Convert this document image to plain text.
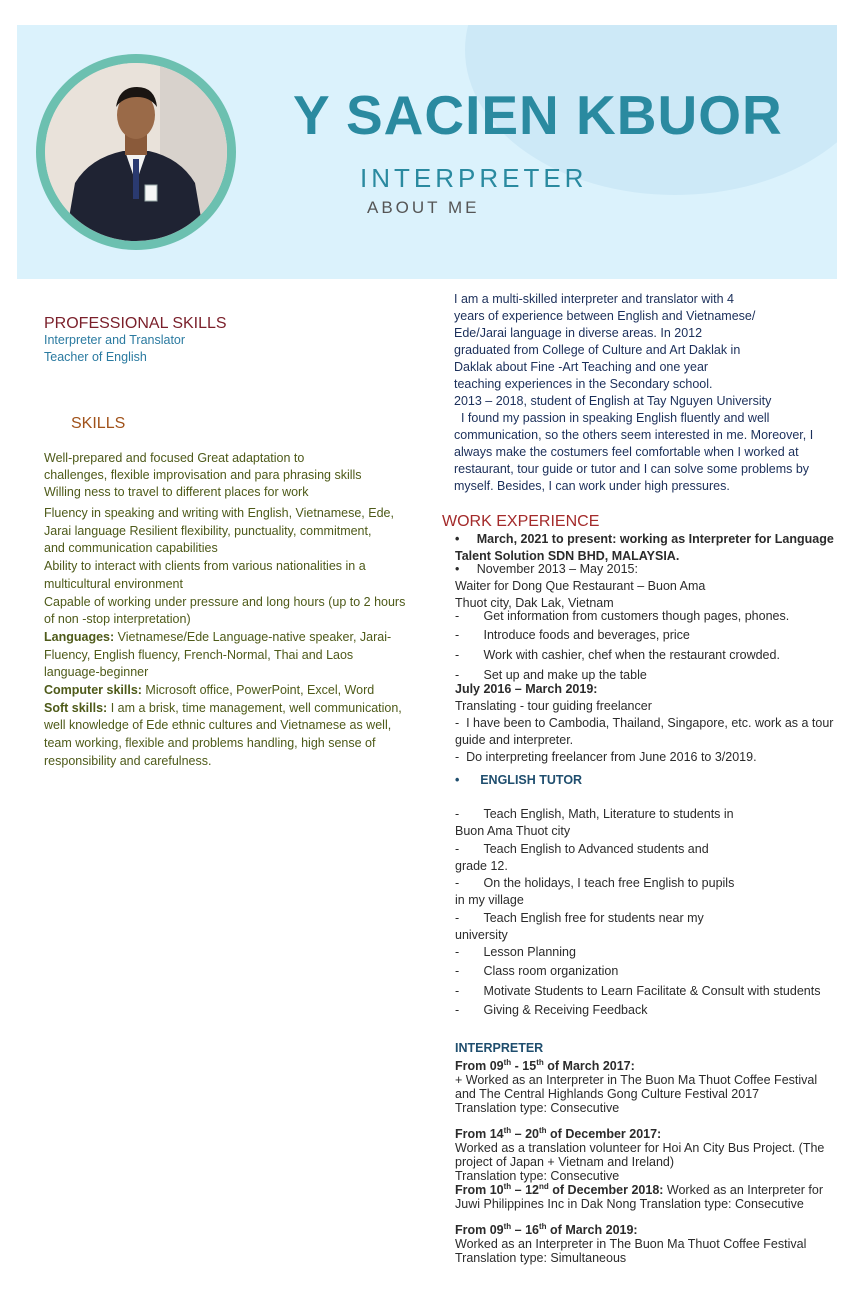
Y SACIEN KBUOR
INTERPRETER
ABOUT ME
I am a multi-skilled interpreter and translator with 4
years of experience between English and Vietnamese/
Ede/Jarai language in diverse areas. In 2012
graduated from College of Culture and Art Daklak in
Daklak about Fine -Art Teaching and one year
teaching experiences in the Secondary school.
2013 – 2018, student of English at Tay Nguyen University
I found my passion in speaking English fluently and well
communication, so the others seem interested in me. Moreover, I
always make the costumers feel comfortable when I worked at
restaurant, tour guide or tutor and I can solve some problems by
myself. Besides, I can work under high pressures.
PROFESSIONAL SKILLS
Interpreter and Translator
Teacher of English
SKILLS
Well-prepared and focused Great adaptation to
challenges, flexible improvisation and para phrasing skills
Willing ness to travel to different places for work
Fluency in speaking and writing with English, Vietnamese, Ede,
Jarai language Resilient flexibility, punctuality, commitment,
and communication capabilities
Ability to interact with clients from various nationalities in a
multicultural environment
Capable of working under pressure and long hours (up to 2 hours
of non -stop interpretation)
Languages: Vietnamese/Ede Language-native speaker, Jarai-
Fluency, English fluency, French-Normal, Thai and Laos
language-beginner
Computer skills: Microsoft office, PowerPoint, Excel, Word
Soft skills: I am a brisk, time management, well communication,
well knowledge of Ede ethnic cultures and Vietnamese as well,
team working, flexible and problems handling, high sense of
responsibility and carefulness.
WORK EXPERIENCE
•     March, 2021 to present: working as Interpreter for Language
Talent Solution SDN BHD, MALAYSIA.
•     November 2013 – May 2015:
Waiter for Dong Que Restaurant – Buon Ama
Thuot city, Dak Lak, Vietnam
-       Get information from customers though pages, phones.
-       Introduce foods and beverages, price
-       Work with cashier, chef when the restaurant crowded.
-       Set up and make up the table
July 2016 – March 2019:
Translating - tour guiding freelancer
-  I have been to Cambodia, Thailand, Singapore, etc. work as a tour
guide and interpreter.
-  Do interpreting freelancer from June 2016 to 3/2019.
•      ENGLISH TUTOR
-       Teach English, Math, Literature to students in
Buon Ama Thuot city
-       Teach English to Advanced students and
grade 12.
-       On the holidays, I teach free English to pupils
in my village
-       Teach English free for students near my
university
-       Lesson Planning
-       Class room organization
-       Motivate Students to Learn Facilitate & Consult with students
-       Giving & Receiving Feedback
INTERPRETER
From 09th - 15th of March 2017:
+ Worked as an Interpreter in The Buon Ma Thuot Coffee Festival
and The Central Highlands Gong Culture Festival 2017
Translation type: Consecutive
From 14th – 20th of December 2017:
Worked as a translation volunteer for Hoi An City Bus Project. (The
project of Japan + Vietnam and Ireland)
Translation type: Consecutive
From 10th – 12nd of December 2018: Worked as an Interpreter for
Juwi Philippines Inc in Dak Nong Translation type: Consecutive
From 09th – 16th of March 2019:
Worked as an Interpreter in The Buon Ma Thuot Coffee Festival
Translation type: Simultaneous
